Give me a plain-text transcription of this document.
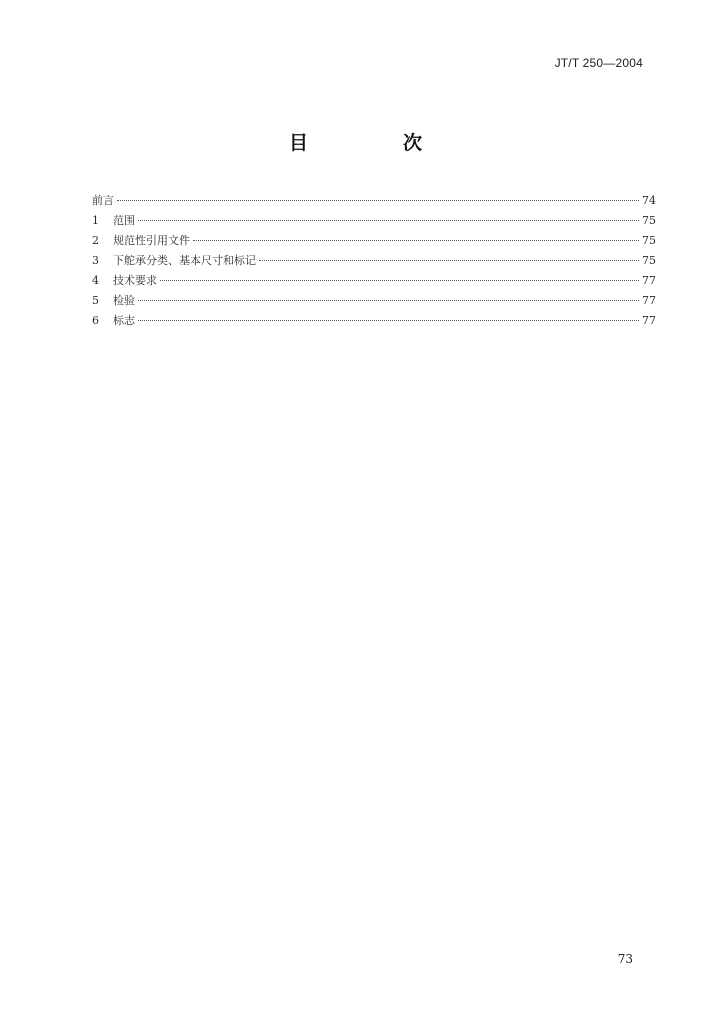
JT/T 250—2004
目　次
前言	74
1	范围	75
2	规范性引用文件	75
3	下舵承分类、基本尺寸和标记	75
4	技术要求	77
5	检验	77
6	标志	77
73
